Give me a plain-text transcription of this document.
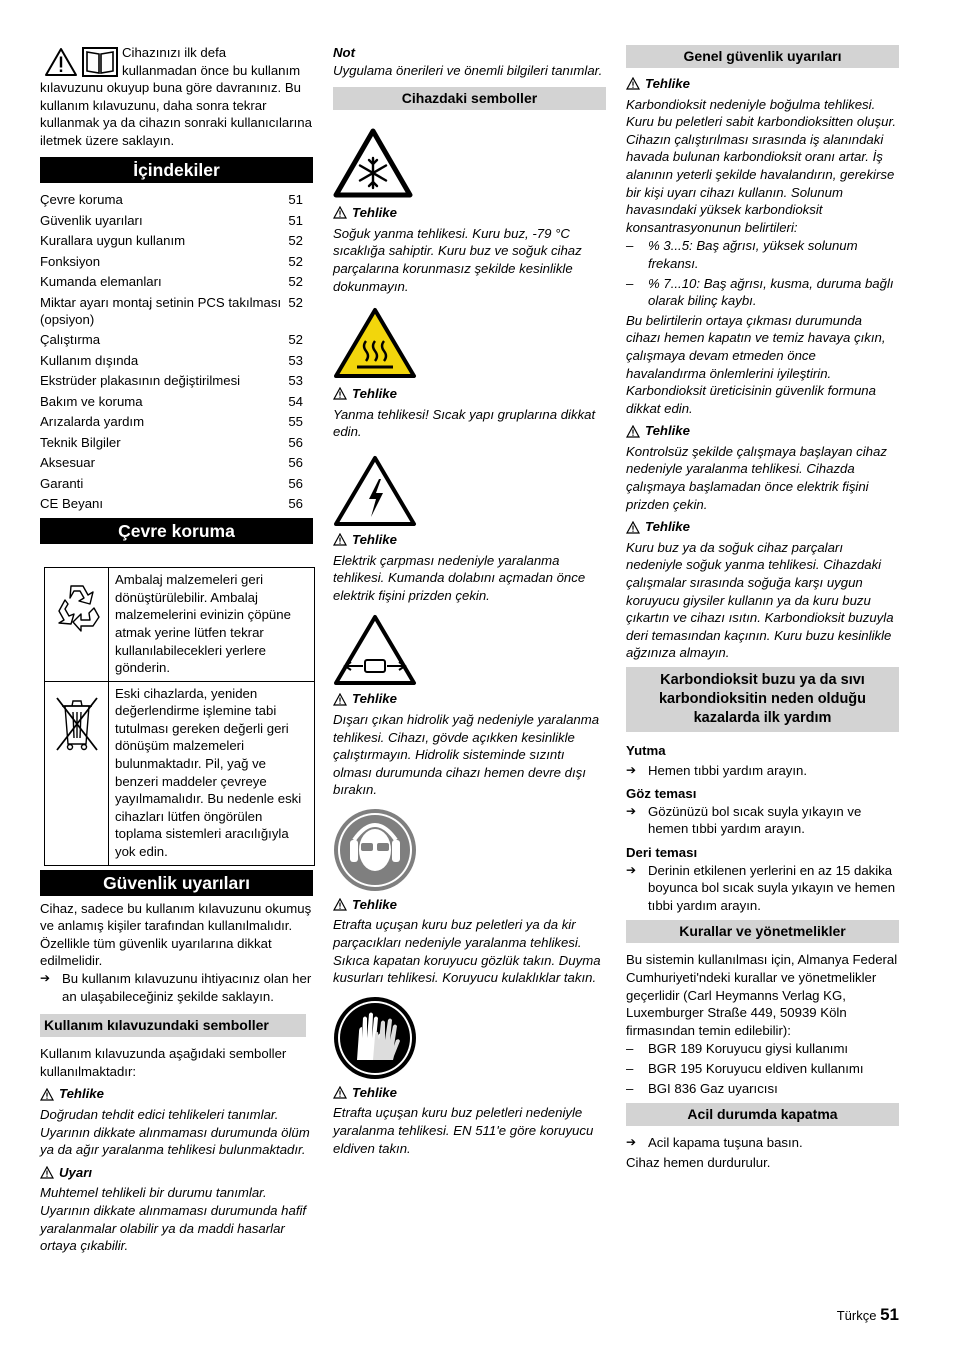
Cihazınızı ilk defa

kullanmadan önce bu kullanım

kılavuzunu okuyup buna göre davranınız. Bu kullanım kılavuzunu, daha sonra tekrar kullanmak ya da cihazın sonraki kullanıcılarına iletmek üzere saklayın.

İçindekiler
Çevre koruma	51
Güvenlik uyarıları	51
Kurallara uygun kullanım	52
Fonksiyon	52
Kumanda elemanları	52
Miktar ayarı montaj setinin PCS takılması (opsiyon)	52
Çalıştırma	52
Kullanım dışında	53
Ekstrüder plakasının değiştirilmesi	53
Bakım ve koruma	54
Arızalarda yardım	55
Teknik Bilgiler	56
Aksesuar	56
Garanti	56
CE Beyanı	56
Çevre koruma
	Ambalaj malzemeleri geri dönüştürülebilir. Ambalaj malzemelerini evinizin çöpüne atmak yerine lütfen tekrar kullanılabilecekleri yerlere gönderin.
	Eski cihazlarda, yeniden değerlendirme işlemine tabi tutulması gereken değerli geri dönüşüm malzemeleri bulunmaktadır. Pil, yağ ve benzeri maddeler çevreye yayılmamalıdır. Bu nedenle eski cihazları lütfen öngörülen toplama sistemleri aracılığıyla yok edin.
Güvenlik uyarıları

Cihaz, sadece bu kullanım kılavuzunu okumuş ve anlamış kişiler tarafından kullanılmalıdır. Özellikle tüm güvenlik uyarılarına dikkat edilmelidir.

➔ Bu kullanım kılavuzunu ihtiyacınız olan her an ulaşabileceğiniz şekilde saklayın.
Kullanım kılavuzundaki semboller

Kullanım kılavuzunda aşağıdaki semboller kullanılmaktadır:

Tehlike

Doğrudan tehdit edici tehlikeleri tanımlar. Uyarının dikkate alınmaması durumunda ölüm ya da ağır yaralanma tehlikesi bulunmaktadır.

Uyarı

Muhtemel tehlikeli bir durumu tanımlar. Uyarının dikkate alınmaması durumunda hafif yaralanmalar olabilir ya da maddi hasarlar ortaya çıkabilir.

Not

Uygulama önerileri ve önemli bilgileri tanımlar.

Cihazdaki semboller
Tehlike

Soğuk yanma tehlikesi. Kuru buz, -79 °C sıcaklığa sahiptir. Kuru buz ve soğuk cihaz parçalarına korunmasız şekilde kesinlikle dokunmayın.

Tehlike

Yanma tehlikesi! Sıcak yapı gruplarına dikkat edin.

Tehlike

Elektrik çarpması nedeniyle yaralanma tehlikesi. Kumanda dolabını açmadan önce elektrik fişini prizden çekin.

Tehlike

Dışarı çıkan hidrolik yağ nedeniyle yaralanma tehlikesi. Cihazı, gövde açıkken kesinlikle çalıştırmayın. Hidrolik sisteminde sızıntı olması durumunda cihazı hemen devre dışı bırakın.

Tehlike

Etrafta uçuşan kuru buz peletleri ya da kir parçacıkları nedeniyle yaralanma tehlikesi. Sıkıca kapatan koruyucu gözlük takın. Duyma kusurları tehlikesi. Koruyucu kulaklıklar takın.

Tehlike

Etrafta uçuşan kuru buz peletleri nedeniyle yaralanma tehlikesi. EN 511'e göre koruyucu eldiven takın.

Genel güvenlik uyarıları
Tehlike

Karbondioksit nedeniyle boğulma tehlikesi. Kuru bu peletleri sabit karbondioksitten oluşur. Cihazın çalıştırılması sırasında iş alanındaki havada bulunan karbondioksit oranı artar. İş alanının yeterli şekilde havalandırın, gerekirse bir kişi uyarı cihazı kullanın. Solunum havasındaki yüksek karbondioksit konsantrasyonunun belirtileri:

–	% 3...5: Baş ağrısı, yüksek solunum frekansı.
–	% 7...10: Baş ağrısı, kusma, duruma bağlı olarak bilinç kaybı.

Bu belirtilerin ortaya çıkması durumunda cihazı hemen kapatın ve temiz havaya çıkın, çalışmaya devam etmeden önce havalandırma önlemlerini iyileştirin. Karbondioksit üreticisinin güvenlik formuna dikkat edin.

Tehlike

Kontrolsüz şekilde çalışmaya başlayan cihaz nedeniyle yaralanma tehlikesi. Cihazda çalışmaya başlamadan önce elektrik fişini prizden çekin.

Tehlike

Kuru buz ya da soğuk cihaz parçaları nedeniyle soğuk yanma tehlikesi. Cihazdaki çalışmalar sırasında soğuğa karşı uygun koruyucu giysiler kullanın ya da kuru buzu çıkartın ve cihazı ısıtın. Karbondioksit buzuyla deri temasından kaçının. Kuru buzu kesinlikle ağzınıza almayın.

Karbondioksit buzu ya da sıvı karbondioksitin neden olduğu kazalarda ilk yardım

Yutma

➔ Hemen tıbbi yardım arayın.

Göz teması

➔ Gözünüzü bol sıcak suyla yıkayın ve hemen tıbbi yardım arayın.

Deri teması

➔ Derinin etkilenen yerlerini en az 15 dakika boyunca bol sıcak suyla yıkayın ve hemen tıbbi yardım arayın.
Kurallar ve yönetmelikler

Bu sistemin kullanılması için, Almanya Federal Cumhuriyeti'ndeki kurallar ve yönetmelikler geçerlidir (Carl Heymanns Verlag KG, Luxemburger Straße 449, 50939 Köln firmasından temin edilebilir):

–	BGR 189 Koruyucu giysi kullanımı
–	BGR 195 Koruyucu eldiven kullanımı
–	BGI 836 Gaz uyarıcısı
Acil durumda kapatma
➔ Acil kapama tuşuna basın.

Cihaz hemen durdurulur.

Türkçe 51
